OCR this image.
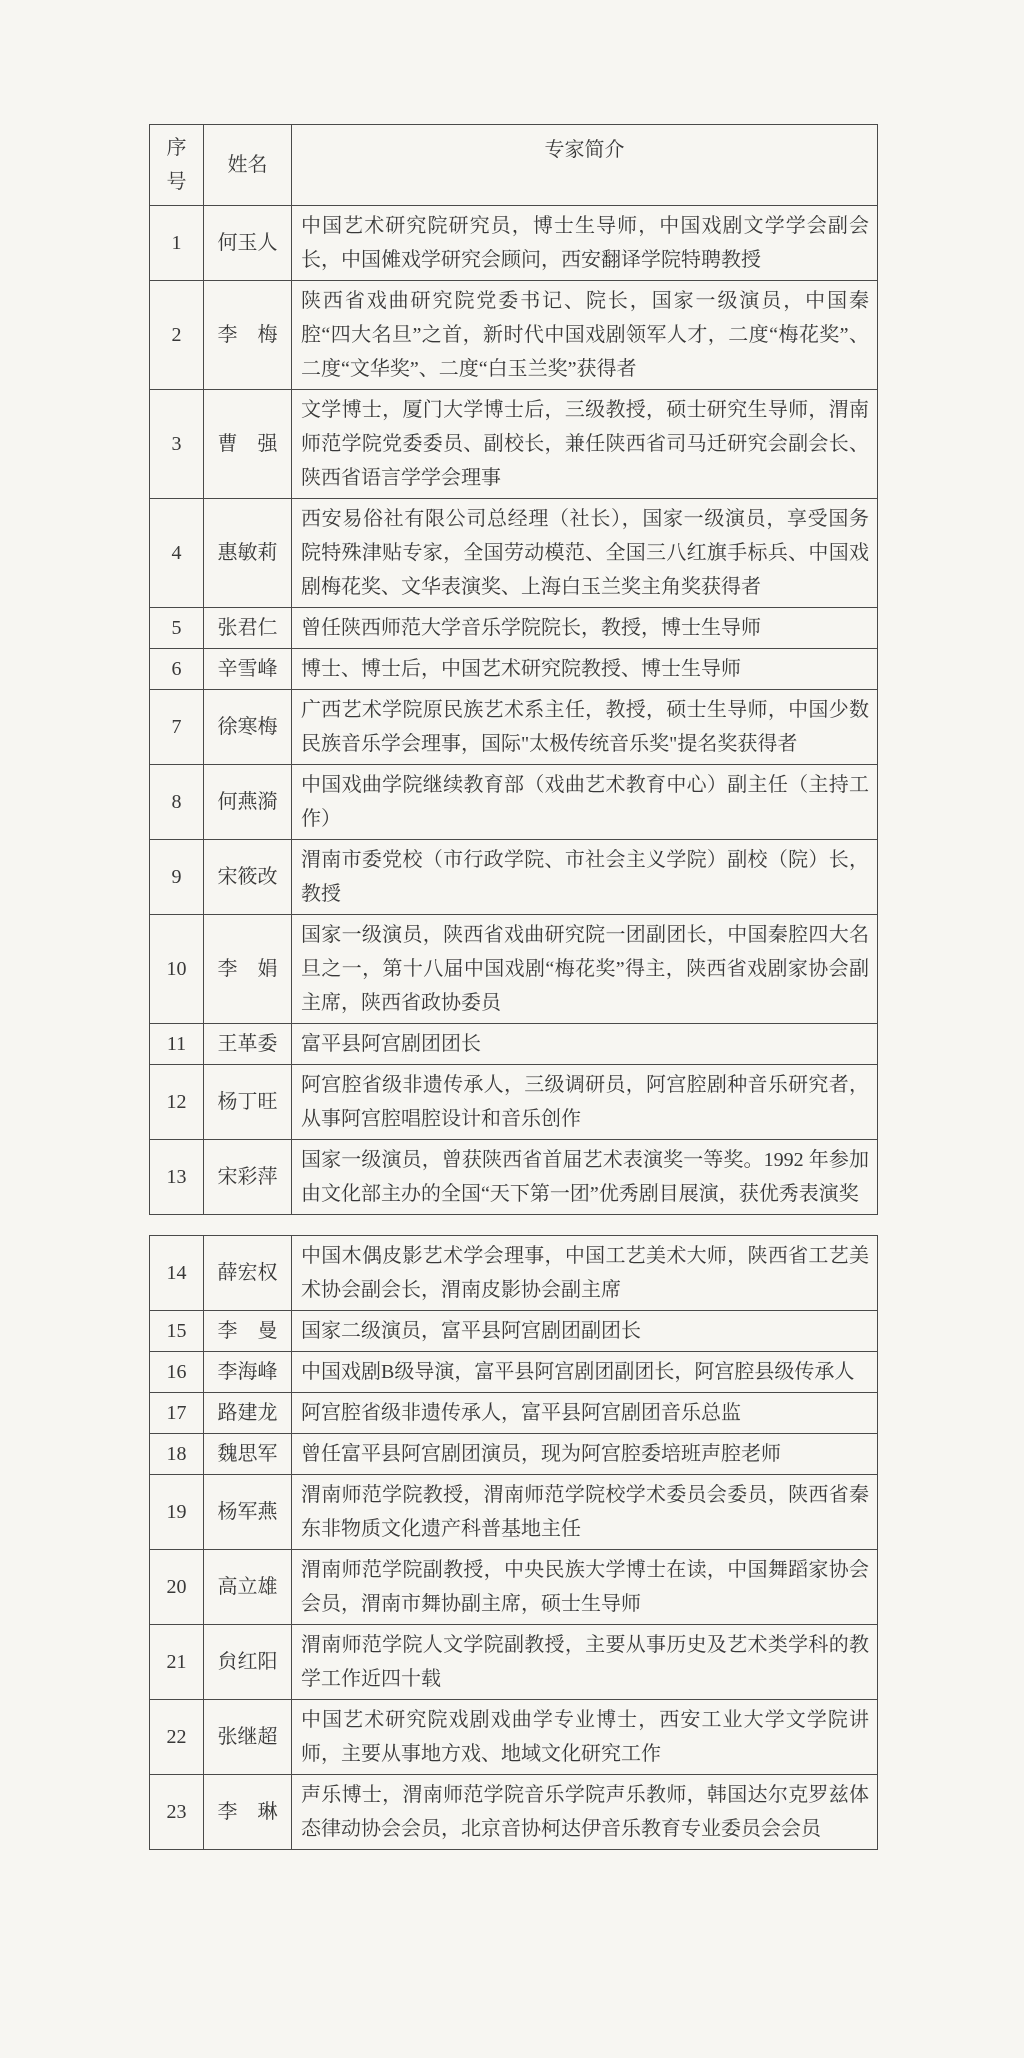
序号	姓名	专家简介
1	何玉人	中国艺术研究院研究员，博士生导师，中国戏剧文学学会副会长，中国傩戏学研究会顾问，西安翻译学院特聘教授
2	李　梅	陕西省戏曲研究院党委书记、院长，国家一级演员，中国秦腔“四大名旦”之首，新时代中国戏剧领军人才，二度“梅花奖”、二度“文华奖”、二度“白玉兰奖”获得者
3	曹　强	文学博士，厦门大学博士后，三级教授，硕士研究生导师，渭南师范学院党委委员、副校长，兼任陕西省司马迁研究会副会长、陕西省语言学学会理事
4	惠敏莉	西安易俗社有限公司总经理（社长），国家一级演员，享受国务院特殊津贴专家，全国劳动模范、全国三八红旗手标兵、中国戏剧梅花奖、文华表演奖、上海白玉兰奖主角奖获得者
5	张君仁	曾任陕西师范大学音乐学院院长，教授，博士生导师
6	辛雪峰	博士、博士后，中国艺术研究院教授、博士生导师
7	徐寒梅	广西艺术学院原民族艺术系主任，教授，硕士生导师，中国少数民族音乐学会理事，国际"太极传统音乐奖"提名奖获得者
8	何燕漪	中国戏曲学院继续教育部（戏曲艺术教育中心）副主任（主持工作）
9	宋筱改	渭南市委党校（市行政学院、市社会主义学院）副校（院）长，教授
10	李　娟	国家一级演员，陕西省戏曲研究院一团副团长，中国秦腔四大名旦之一，第十八届中国戏剧“梅花奖”得主，陕西省戏剧家协会副主席，陕西省政协委员
11	王革委	富平县阿宫剧团团长
12	杨丁旺	阿宫腔省级非遗传承人，三级调研员，阿宫腔剧种音乐研究者，从事阿宫腔唱腔设计和音乐创作
13	宋彩萍	国家一级演员，曾获陕西省首届艺术表演奖一等奖。1992 年参加由文化部主办的全国“天下第一团”优秀剧目展演，获优秀表演奖
14	薛宏权	中国木偶皮影艺术学会理事，中国工艺美术大师，陕西省工艺美术协会副会长，渭南皮影协会副主席
15	李　曼	国家二级演员，富平县阿宫剧团副团长
16	李海峰	中国戏剧B级导演，富平县阿宫剧团副团长，阿宫腔县级传承人
17	路建龙	阿宫腔省级非遗传承人，富平县阿宫剧团音乐总监
18	魏思军	曾任富平县阿宫剧团演员，现为阿宫腔委培班声腔老师
19	杨军燕	渭南师范学院教授，渭南师范学院校学术委员会委员，陕西省秦东非物质文化遗产科普基地主任
20	高立雄	渭南师范学院副教授，中央民族大学博士在读，中国舞蹈家协会会员，渭南市舞协副主席，硕士生导师
21	贠红阳	渭南师范学院人文学院副教授，主要从事历史及艺术类学科的教学工作近四十载
22	张继超	中国艺术研究院戏剧戏曲学专业博士，西安工业大学文学院讲师，主要从事地方戏、地域文化研究工作
23	李　琳	声乐博士，渭南师范学院音乐学院声乐教师，韩国达尔克罗兹体态律动协会会员，北京音协柯达伊音乐教育专业委员会会员
